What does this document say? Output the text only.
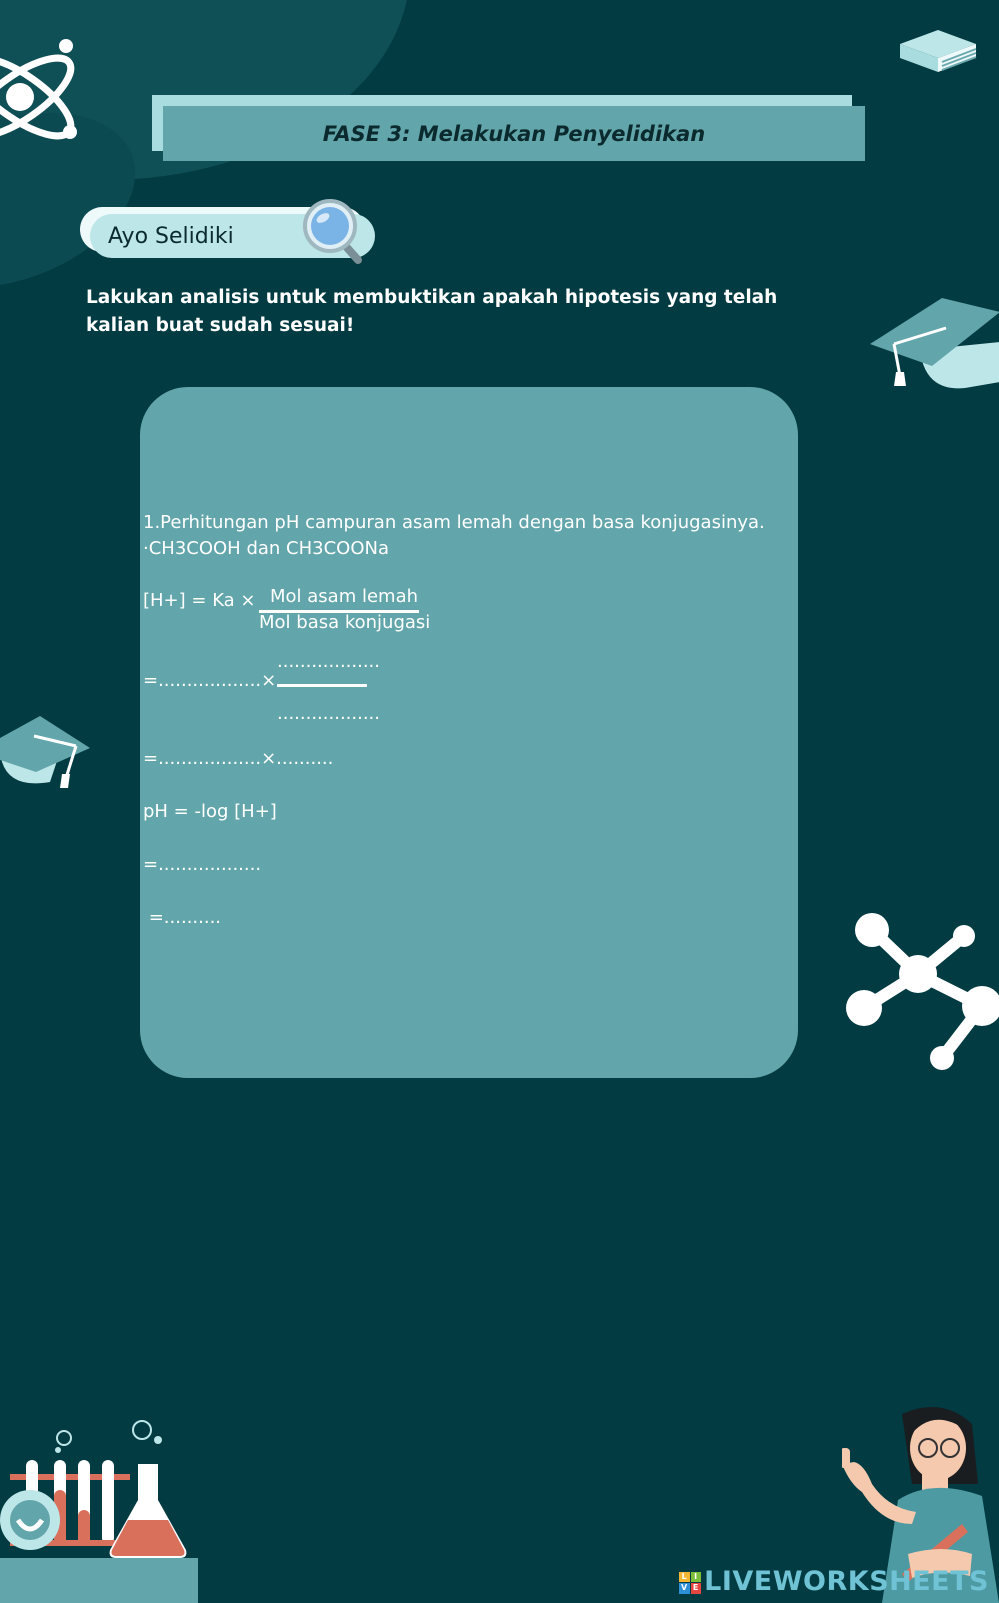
FASE 3: Melakukan Penyelidikan
Ayo Selidiki
Lakukan analisis untuk membuktikan apakah hipotesis yang telah
kalian buat sudah sesuai!
1.Perhitungan pH campuran asam lemah dengan basa konjugasinya.
·CH3COOH dan CH3COONa
[H+] = Ka × Mol asam lemah
Mol basa konjugasi
=..................×
..................
..................
=..................×..........
pH = -log [H+]
=..................
=..........
L I
V E LIVEWORKSHEETS
